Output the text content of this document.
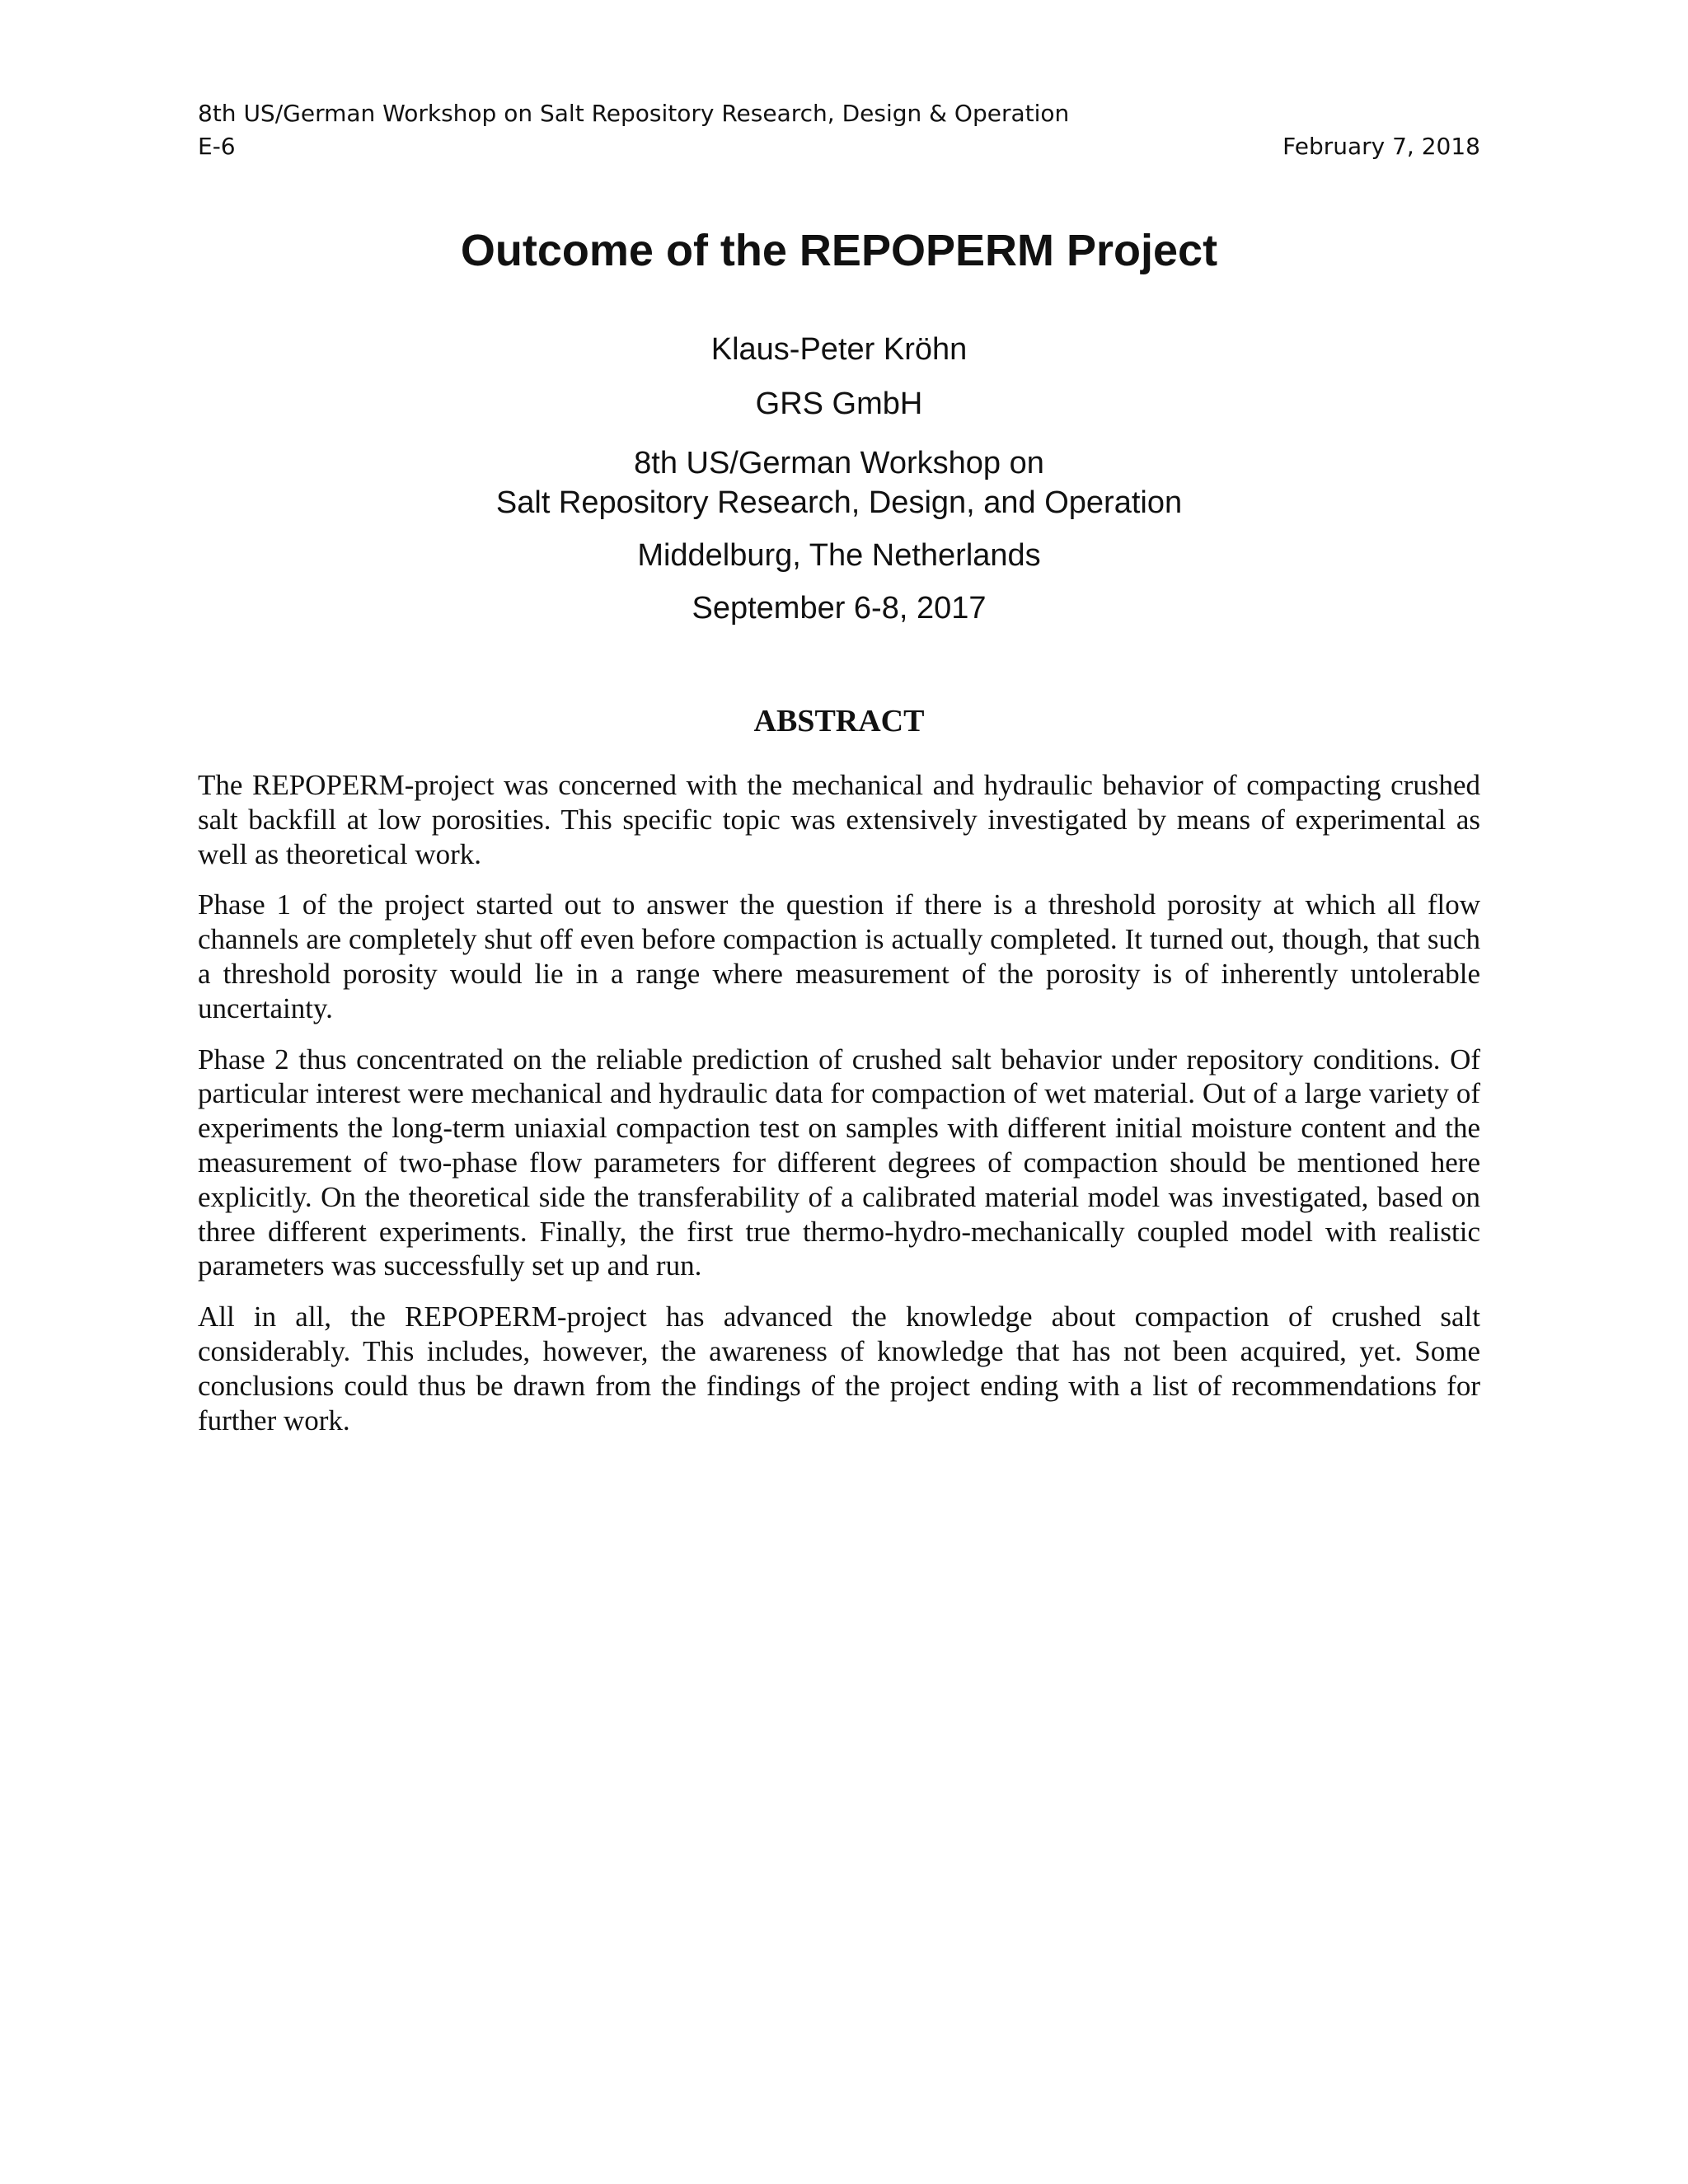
8th US/German Workshop on Salt Repository Research, Design & Operation
E-6	February 7, 2018
Outcome of the REPOPERM Project
Klaus-Peter Kröhn
GRS GmbH
8th US/German Workshop on
Salt Repository Research, Design, and Operation
Middelburg, The Netherlands
September 6-8, 2017
ABSTRACT

The REPOPERM-project was concerned with the mechanical and hydraulic behavior of compacting crushed salt backfill at low porosities. This specific topic was extensively investigated by means of experimental as well as theoretical work.

Phase 1 of the project started out to answer the question if there is a threshold porosity at which all flow channels are completely shut off even before compaction is actually completed. It turned out, though, that such a threshold porosity would lie in a range where measurement of the porosity is of inherently untolerable uncertainty.

Phase 2 thus concentrated on the reliable prediction of crushed salt behavior under repository conditions. Of particular interest were mechanical and hydraulic data for compaction of wet material. Out of a large variety of experiments the long-term uniaxial compaction test on samples with different initial moisture content and the measurement of two-phase flow parameters for different degrees of compaction should be mentioned here explicitly. On the theoretical side the transferability of a calibrated material model was investigated, based on three different experiments. Finally, the first true thermo-hydro-mechanically coupled model with realistic parameters was successfully set up and run.

All in all, the REPOPERM-project has advanced the knowledge about compaction of crushed salt considerably. This includes, however, the awareness of knowledge that has not been acquired, yet. Some conclusions could thus be drawn from the findings of the project ending with a list of recommendations for further work.
